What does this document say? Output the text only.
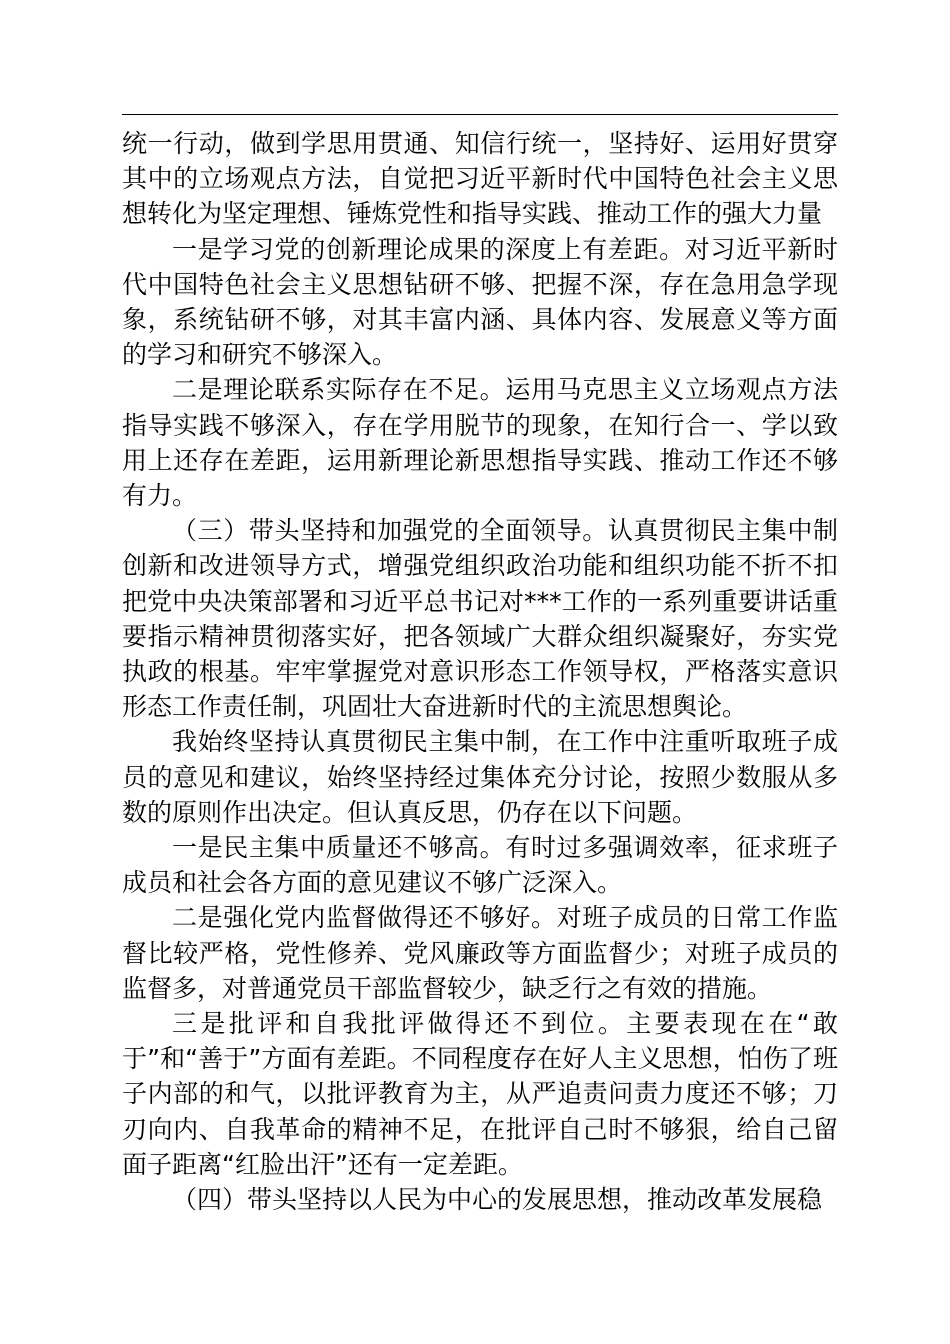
统一行动，做到学思用贯通、知信行统一，坚持好、运用好贯穿其中的立场观点方法，自觉把习近平新时代中国特色社会主义思想转化为坚定理想、锤炼党性和指导实践、推动工作的强大力量

一是学习党的创新理论成果的深度上有差距。对习近平新时代中国特色社会主义思想钻研不够、把握不深，存在急用急学现象，系统钻研不够，对其丰富内涵、具体内容、发展意义等方面的学习和研究不够深入。

二是理论联系实际存在不足。运用马克思主义立场观点方法指导实践不够深入，存在学用脱节的现象，在知行合一、学以致用上还存在差距，运用新理论新思想指导实践、推动工作还不够有力。

（三）带头坚持和加强党的全面领导。认真贯彻民主集中制创新和改进领导方式，增强党组织政治功能和组织功能不折不扣把党中央决策部署和习近平总书记对***工作的一系列重要讲话重要指示精神贯彻落实好，把各领域广大群众组织凝聚好，夯实党执政的根基。牢牢掌握党对意识形态工作领导权，严格落实意识形态工作责任制，巩固壮大奋进新时代的主流思想舆论。

我始终坚持认真贯彻民主集中制，在工作中注重听取班子成员的意见和建议，始终坚持经过集体充分讨论，按照少数服从多数的原则作出决定。但认真反思，仍存在以下问题。

一是民主集中质量还不够高。有时过多强调效率，征求班子成员和社会各方面的意见建议不够广泛深入。

二是强化党内监督做得还不够好。对班子成员的日常工作监督比较严格，党性修养、党风廉政等方面监督少；对班子成员的监督多，对普通党员干部监督较少，缺乏行之有效的措施。

三是批评和自我批评做得还不到位。主要表现在在“敢于”和“善于”方面有差距。不同程度存在好人主义思想，怕伤了班子内部的和气，以批评教育为主，从严追责问责力度还不够；刀刃向内、自我革命的精神不足，在批评自己时不够狠，给自己留面子距离“红脸出汗”还有一定差距。

（四）带头坚持以人民为中心的发展思想，推动改革发展稳
